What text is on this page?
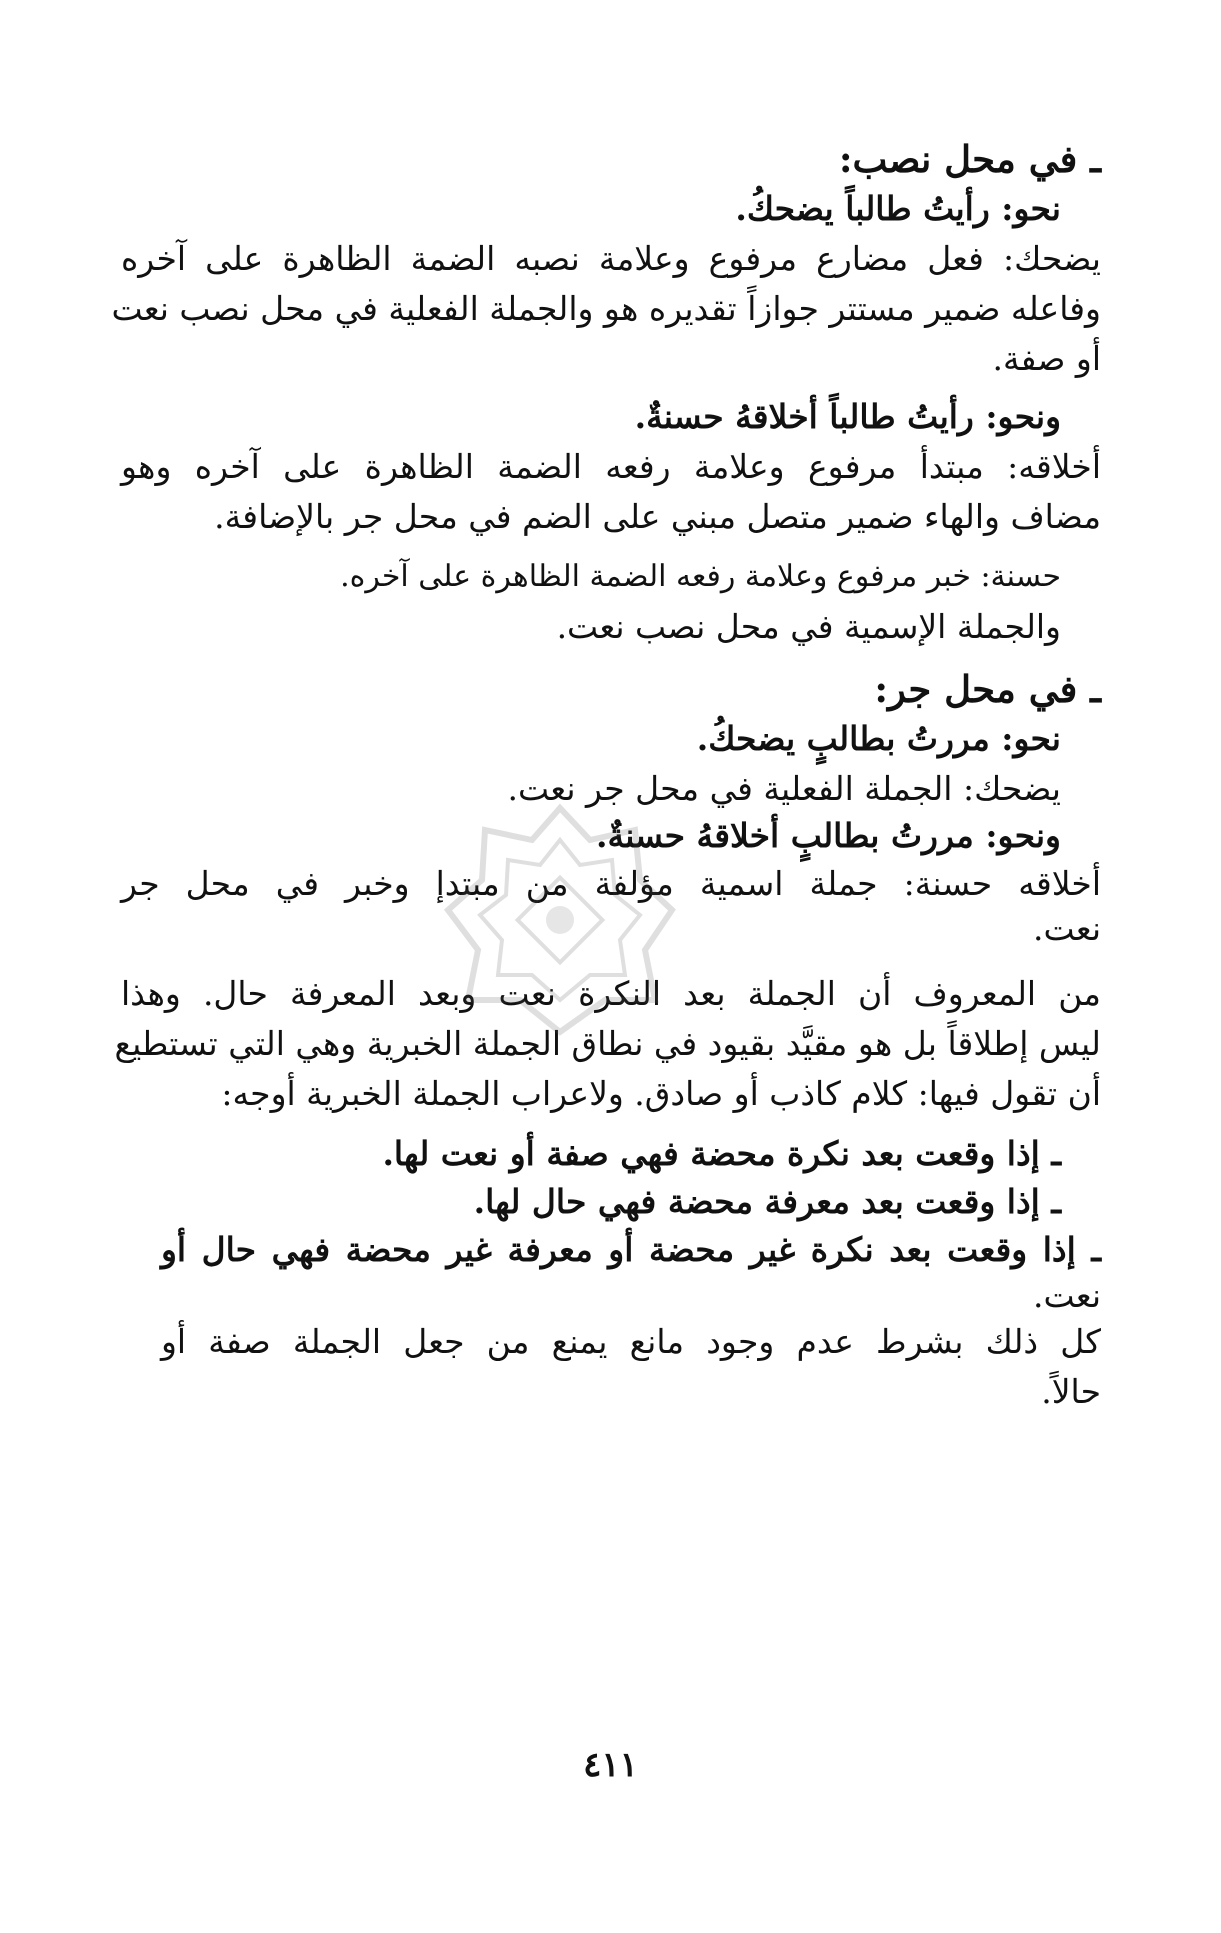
ـ في محل نصب:
نحو: رأيتُ طالباً يضحكُ.
يضحك: فعل مضارع مرفوع وعلامة نصبه الضمة الظاهرة على آخره
وفاعله ضمير مستتر جوازاً تقديره هو والجملة الفعلية في محل نصب نعت
أو صفة.
ونحو: رأيتُ طالباً أخلاقهُ حسنةٌ.
أخلاقه: مبتدأ مرفوع وعلامة رفعه الضمة الظاهرة على آخره وهو
مضاف والهاء ضمير متصل مبني على الضم في محل جر بالإضافة.
حسنة: خبر مرفوع وعلامة رفعه الضمة الظاهرة على آخره.
والجملة الإسمية في محل نصب نعت.
ـ في محل جر:
نحو: مررتُ بطالبٍ يضحكُ.
يضحك: الجملة الفعلية في محل جر نعت.
ونحو: مررتُ بطالبٍ أخلاقهُ حسنةٌ.
أخلاقه حسنة: جملة اسمية مؤلفة من مبتدإ وخبر في محل جر
نعت.
من المعروف أن الجملة بعد النكرة نعت وبعد المعرفة حال. وهذا
ليس إطلاقاً بل هو مقيَّد بقيود في نطاق الجملة الخبرية وهي التي تستطيع
أن تقول فيها: كلام كاذب أو صادق. ولاعراب الجملة الخبرية أوجه:
ـ إذا وقعت بعد نكرة محضة فهي صفة أو نعت لها.
ـ إذا وقعت بعد معرفة محضة فهي حال لها.
ـ إذا وقعت بعد نكرة غير محضة أو معرفة غير محضة فهي حال أو
نعت.
كل ذلك بشرط عدم وجود مانع يمنع من جعل الجملة صفة أو
حالاً.
٤١١
